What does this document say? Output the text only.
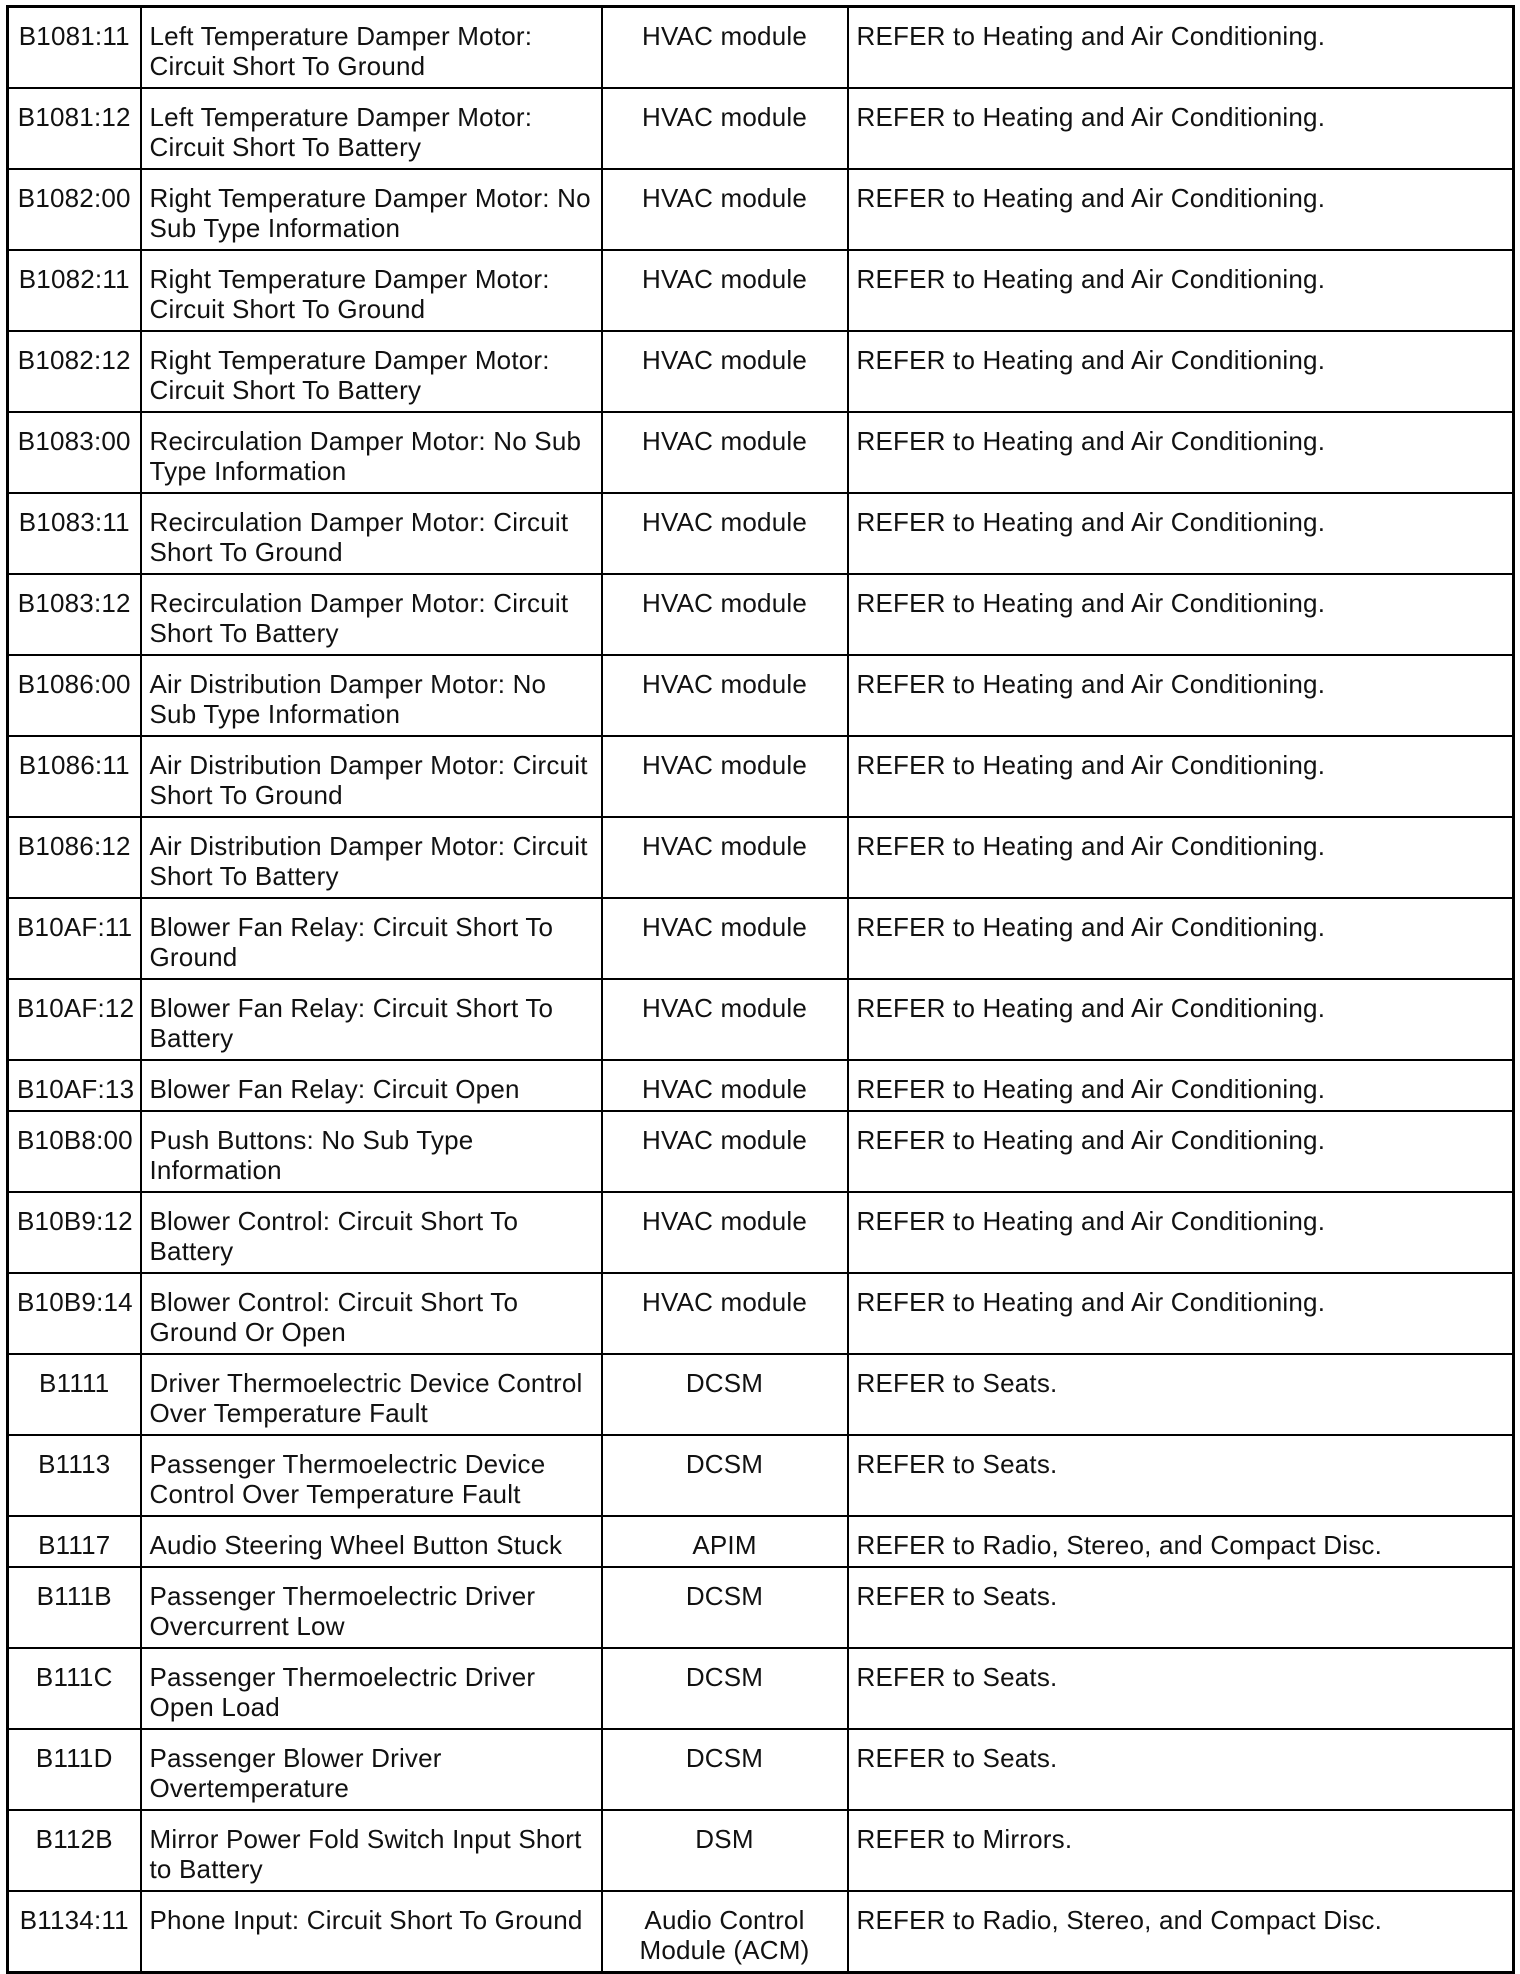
B1081:11	Left Temperature Damper Motor: Circuit Short To Ground	HVAC module	REFER to Heating and Air Conditioning.
B1081:12	Left Temperature Damper Motor: Circuit Short To Battery	HVAC module	REFER to Heating and Air Conditioning.
B1082:00	Right Temperature Damper Motor: No Sub Type Information	HVAC module	REFER to Heating and Air Conditioning.
B1082:11	Right Temperature Damper Motor: Circuit Short To Ground	HVAC module	REFER to Heating and Air Conditioning.
B1082:12	Right Temperature Damper Motor: Circuit Short To Battery	HVAC module	REFER to Heating and Air Conditioning.
B1083:00	Recirculation Damper Motor: No Sub Type Information	HVAC module	REFER to Heating and Air Conditioning.
B1083:11	Recirculation Damper Motor: Circuit Short To Ground	HVAC module	REFER to Heating and Air Conditioning.
B1083:12	Recirculation Damper Motor: Circuit Short To Battery	HVAC module	REFER to Heating and Air Conditioning.
B1086:00	Air Distribution Damper Motor: No Sub Type Information	HVAC module	REFER to Heating and Air Conditioning.
B1086:11	Air Distribution Damper Motor: Circuit Short To Ground	HVAC module	REFER to Heating and Air Conditioning.
B1086:12	Air Distribution Damper Motor: Circuit Short To Battery	HVAC module	REFER to Heating and Air Conditioning.
B10AF:11	Blower Fan Relay: Circuit Short To Ground	HVAC module	REFER to Heating and Air Conditioning.
B10AF:12	Blower Fan Relay: Circuit Short To Battery	HVAC module	REFER to Heating and Air Conditioning.
B10AF:13	Blower Fan Relay: Circuit Open	HVAC module	REFER to Heating and Air Conditioning.
B10B8:00	Push Buttons: No Sub Type Information	HVAC module	REFER to Heating and Air Conditioning.
B10B9:12	Blower Control: Circuit Short To Battery	HVAC module	REFER to Heating and Air Conditioning.
B10B9:14	Blower Control: Circuit Short To Ground Or Open	HVAC module	REFER to Heating and Air Conditioning.
B1111	Driver Thermoelectric Device Control Over Temperature Fault	DCSM	REFER to Seats.
B1113	Passenger Thermoelectric Device Control Over Temperature Fault	DCSM	REFER to Seats.
B1117	Audio Steering Wheel Button Stuck	APIM	REFER to Radio, Stereo, and Compact Disc.
B111B	Passenger Thermoelectric Driver Overcurrent Low	DCSM	REFER to Seats.
B111C	Passenger Thermoelectric Driver Open Load	DCSM	REFER to Seats.
B111D	Passenger Blower Driver Overtemperature	DCSM	REFER to Seats.
B112B	Mirror Power Fold Switch Input Short to Battery	DSM	REFER to Mirrors.
B1134:11	Phone Input: Circuit Short To Ground	Audio Control Module (ACM)	REFER to Radio, Stereo, and Compact Disc.
